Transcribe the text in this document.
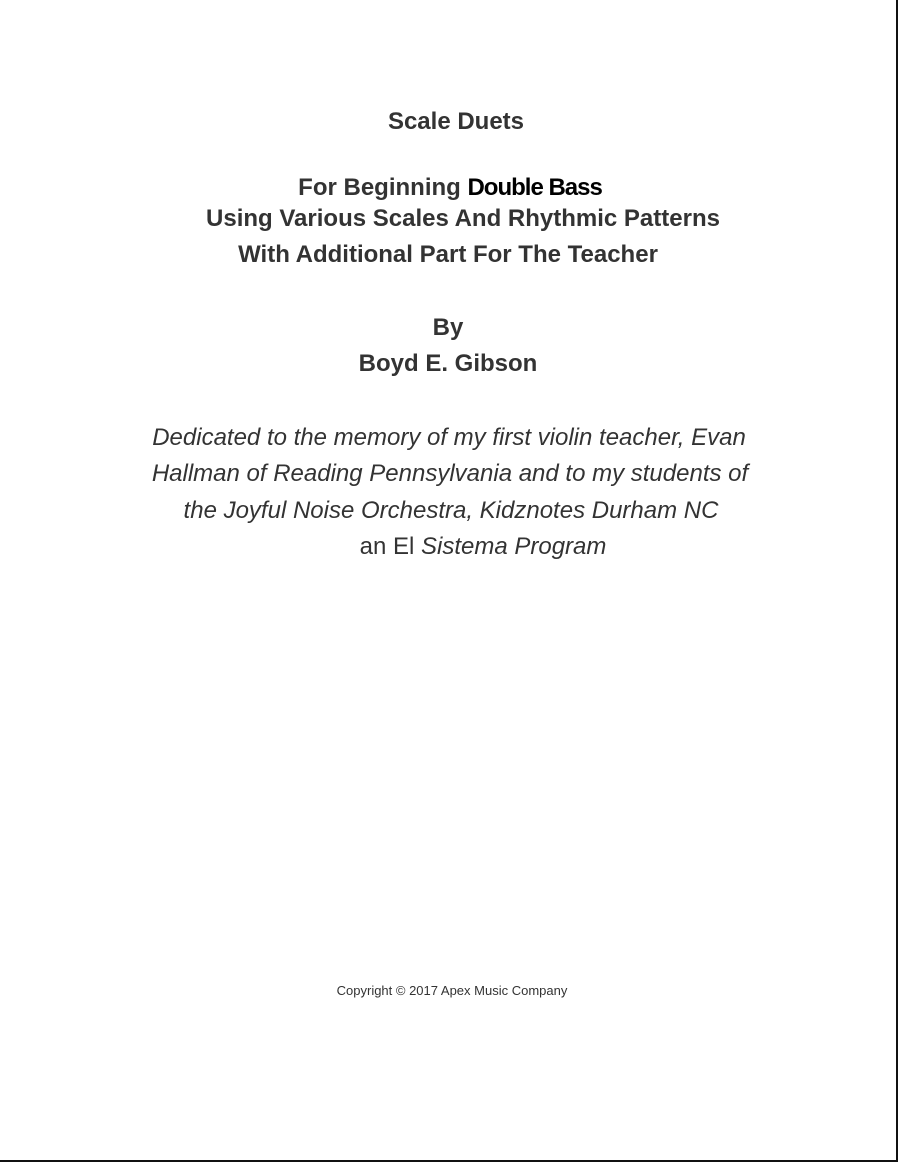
Scale Duets
For Beginning Double Bass
Using Various Scales And Rhythmic Patterns
With Additional Part For The Teacher
By
Boyd E. Gibson
Dedicated to the memory of my first violin teacher, Evan
Hallman of Reading Pennsylvania and to my students of
the Joyful Noise Orchestra, Kidznotes Durham NC
an El Sistema Program
Copyright © 2017 Apex Music Company
